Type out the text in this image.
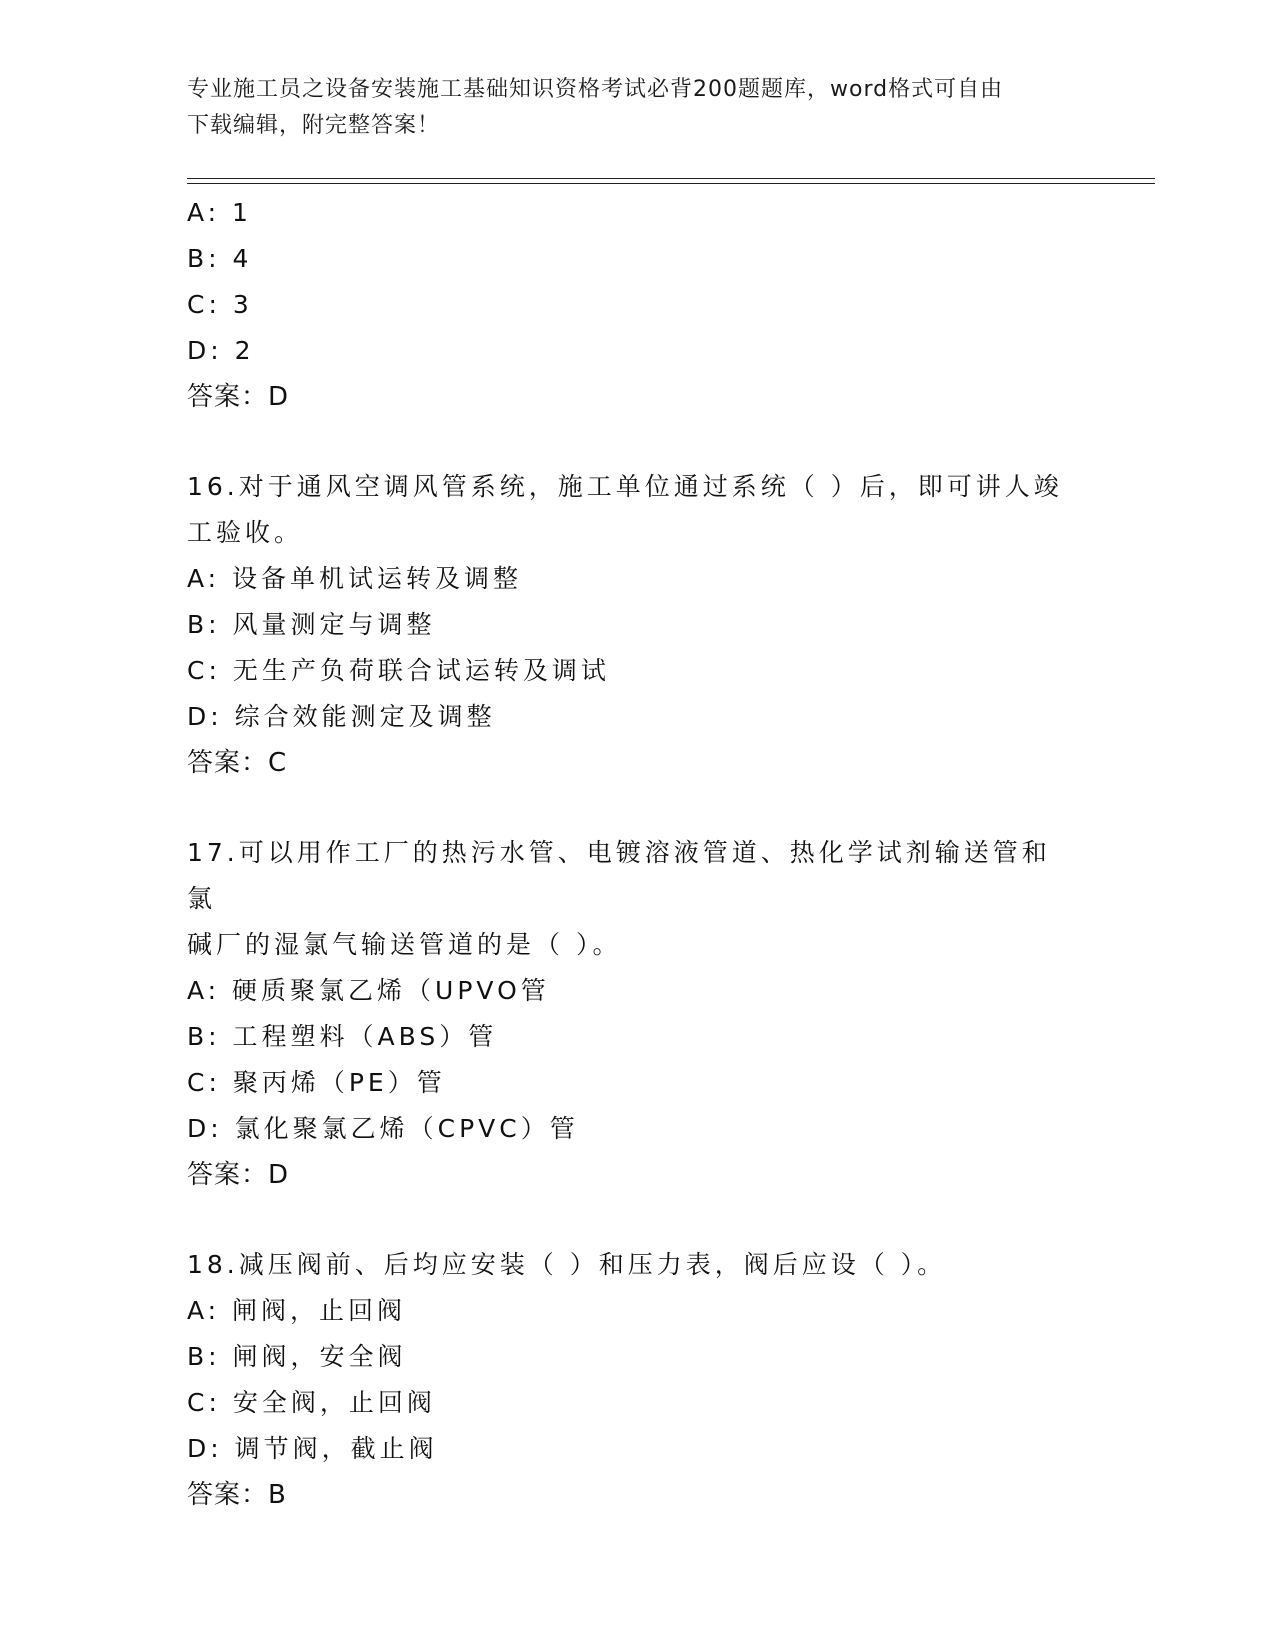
专业施工员之设备安装施工基础知识资格考试必背200题题库，word格式可自由
下载编辑，附完整答案！
A: 1
B: 4
C: 3
D: 2
答案：D
16.对于通风空调风管系统，施工单位通过系统（ ）后，即可讲人竣
工验收。
A: 设备单机试运转及调整
B: 风量测定与调整
C: 无生产负荷联合试运转及调试
D: 综合效能测定及调整
答案：C
17.可以用作工厂的热污水管、电镀溶液管道、热化学试剂输送管和氯
碱厂的湿氯气输送管道的是（ ）。
A: 硬质聚氯乙烯（UPVO管
B: 工程塑料（ABS）管
C: 聚丙烯（PE）管
D: 氯化聚氯乙烯（CPVC）管
答案：D
18.减压阀前、后均应安装（ ）和压力表，阀后应设（ ）。
A: 闸阀，止回阀
B: 闸阀，安全阀
C: 安全阀，止回阀
D: 调节阀，截止阀
答案：B
